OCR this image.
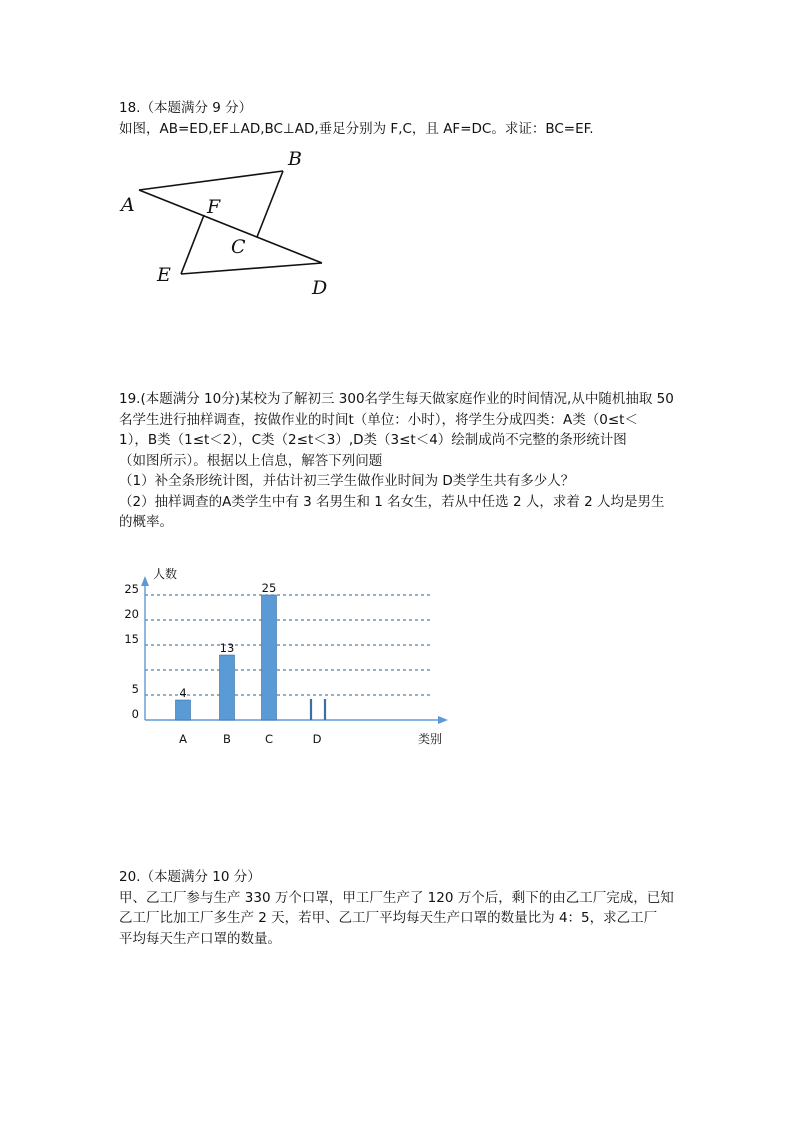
18.（本题满分 9 分）
如图，AB=ED,EF⊥AD,BC⊥AD,垂足分别为 F,C，且 AF=DC。求证：BC=EF.
A
B
F
C
E
D
19.(本题满分 10分)某校为了解初三 300名学生每天做家庭作业的时间情况,从中随机抽取 50
名学生进行抽样调查，按做作业的时间t（单位：小时），将学生分成四类：A类（0≤t＜
1），B类（1≤t＜2），C类（2≤t＜3）,D类（3≤t＜4）绘制成尚不完整的条形统计图
（如图所示）。根据以上信息，解答下列问题
（1）补全条形统计图，并估计初三学生做作业时间为 D类学生共有多少人？
（2）抽样调查的A类学生中有 3 名男生和 1 名女生，若从中任选 2 人，求着 2 人均是男生
的概率。
人数
类别
0
5
15
20
25
4
13
25
A	B	C	D
20.（本题满分 10 分）
甲、乙工厂参与生产 330 万个口罩，甲工厂生产了 120 万个后，剩下的由乙工厂完成，已知
乙工厂比加工厂多生产 2 天，若甲、乙工厂平均每天生产口罩的数量比为 4：5，求乙工厂
平均每天生产口罩的数量。
